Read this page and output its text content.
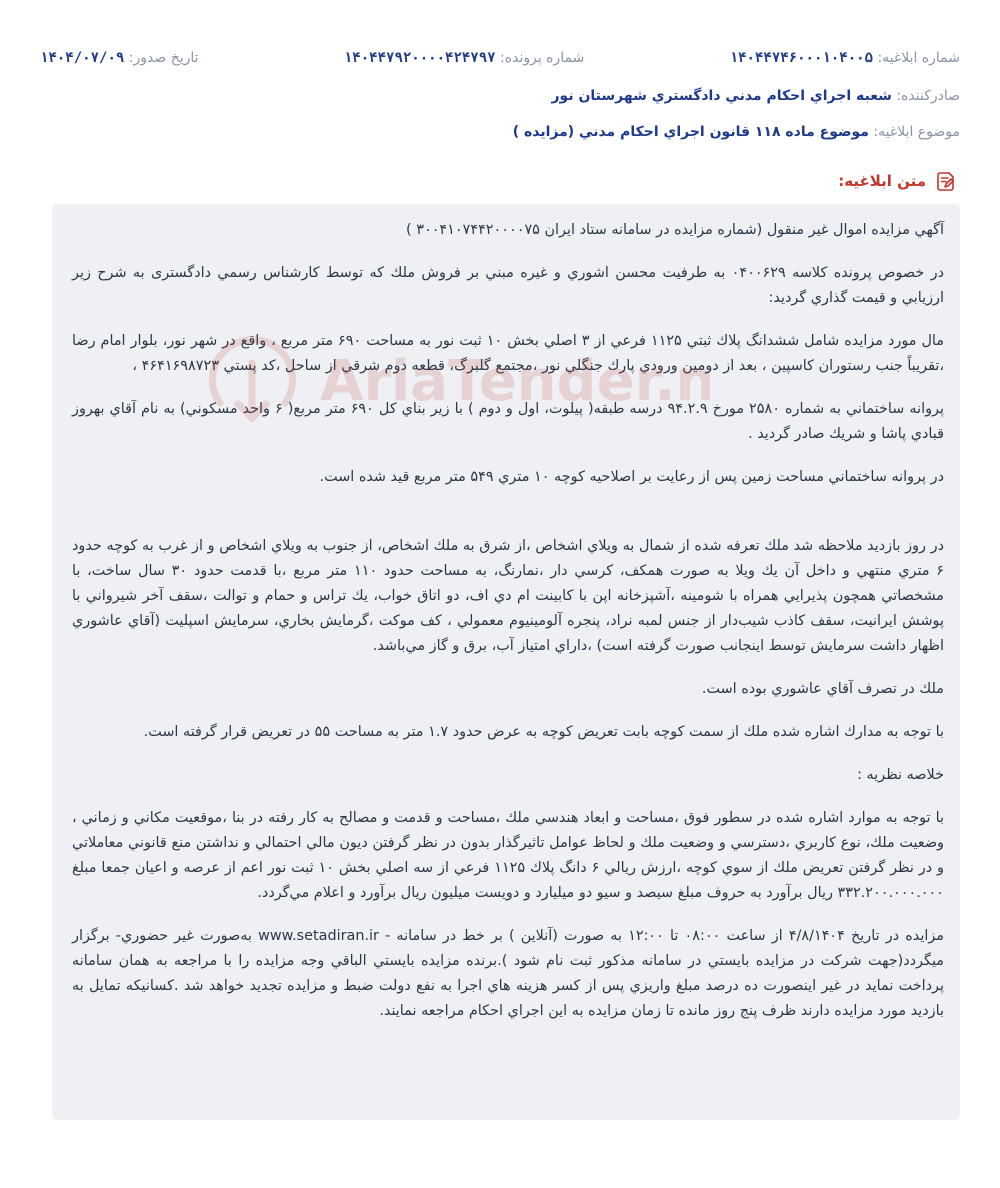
شماره ابلاغيه: ۱۴۰۴۴۷۴۶۰۰۰۱۰۴۰۰۵
شماره پرونده: ۱۴۰۴۴۷۹۲۰۰۰۰۴۲۴۷۹۷
تاريخ صدور: ۱۴۰۴/۰۷/۰۹
صادرکننده: شعبه اجراي احكام مدني دادگستري شهرستان نور
موضوع ابلاغيه: موضوع ماده ۱۱۸ قانون اجراي احكام مدني (مزايده )
متن ابلاغيه:

آگهي مزايده اموال غير منقول (شماره مزايده در سامانه ستاد ايران ۳۰۰۴۱۰۷۴۴۲۰۰۰۰۷۵ )

در خصوص پرونده كلاسه ۰۴۰۰۶۲۹ به طرفيت محسن اشوري و غيره مبني بر فروش ملك كه توسط كارشناس رسمي دادگستری به شرح زير ارزيابي و قيمت گذاري گرديد:

مال مورد مزايده شامل ششدانگ پلاك ثبتي ۱۱۲۵ فرعي از ۳ اصلي بخش ۱۰ ثبت نور به مساحت ۶۹۰ متر مربع ، واقع در شهر نور، بلوار امام رضا ،تقريباً جنب رستوران كاسپين ، بعد از دومين ورودي پارك جنگلي نور ،مجتمع گلبرگ، قطعه دوم شرقي از ساحل ،كد پستي ۴۶۴۱۶۹۸۷۲۳ ،

پروانه ساختماني به شماره ۲۵۸۰ مورخ ۹۴.۲.۹ درسه طبقه( پيلوت، اول و دوم ) با زير بناي كل ۶۹۰ متر مربع( ۶ واحد مسكوني) به نام آقاي بهروز قبادي پاشا و شريك صادر گرديد .

در پروانه ساختماني مساحت زمين پس از رعايت بر اصلاحيه كوچه ۱۰ متري ۵۴۹ متر مربع قيد شده است.

در روز بازديد ملاحظه شد ملك تعرفه شده از شمال به ويلاي اشخاص ،از شرق به ملك اشخاص، از جنوب به ويلاي اشخاص و از غرب به كوچه حدود ۶ متري منتهي و داخل آن يك ويلا به صورت همكف، كرسي دار ،نمارنگ، به مساحت حدود ۱۱۰ متر مربع ،با قدمت حدود ۳۰ سال ساخت، با مشخصاتي همچون پذيرايي همراه با شومينه ،آشپزخانه اپن با كابينت ام دي اف، دو اتاق خواب، يك تراس و حمام و توالت ،سقف آخر شيرواني با پوشش ايرانيت، سقف كاذب شيب‌دار از جنس لمبه نراد، پنجره آلومينيوم معمولي ، كف موكت ،گرمايش بخاري، سرمايش اسپليت (آقاي عاشوري اظهار داشت سرمايش توسط اينجانب صورت گرفته است) ،داراي امتياز آب، برق و گاز مي‌باشد.

ملك در تصرف آقاي عاشوري بوده است.

با توجه به مدارك اشاره شده ملك از سمت كوچه بابت تعريض كوچه به عرض حدود ۱.۷ متر به مساحت ۵۵ در تعريض قرار گرفته است.

خلاصه نظريه :

با توجه به موارد اشاره شده در سطور فوق ،مساحت و ابعاد هندسي ملك ،مساحت و قدمت و مصالح به كار رفته در بنا ،موقعيت مكاني و زماني ، وضعيت ملك، نوع كاربري ،دسترسي و وضعيت ملك و لحاظ عوامل تاثيرگذار بدون در نظر گرفتن ديون مالي احتمالي و نداشتن منع قانوني معاملاتي و در نظر گرفتن تعريض ملك از سوي كوچه ،ارزش ريالي ۶ دانگ پلاك ۱۱۲۵ فرعي از سه اصلي بخش ۱۰ ثبت نور اعم از عرصه و اعيان جمعا مبلغ ۳۳۲.۲۰۰.۰۰۰.۰۰۰ ريال برآورد به حروف مبلغ سيصد و سيو دو ميليارد و دويست ميليون ريال برآورد و اعلام مي‌گردد.

مزايده در تاريخ ۴/۸/۱۴۰۴ از ساعت ۰۸:۰۰ تا ۱۲:۰۰ به صورت (آنلاين ) بر خط در سامانه - www.setadiran.ir به‌صورت غير حضوري- برگزار ميگردد(جهت شركت در مزايده بايستي در سامانه مذكور ثبت نام شود ).برنده مزايده بايستي الباقي وجه مزايده را با مراجعه به همان سامانه پرداخت نمايد در غير اينصورت ده درصد مبلغ واريزي پس از كسر هزينه هاي اجرا به نفع دولت ضبط و مزايده تجديد خواهد شد .كسانيكه تمايل به بازديد مورد مزايده دارند ظرف پنج روز مانده تا زمان مزايده به اين اجراي احكام مراجعه نمايند.
